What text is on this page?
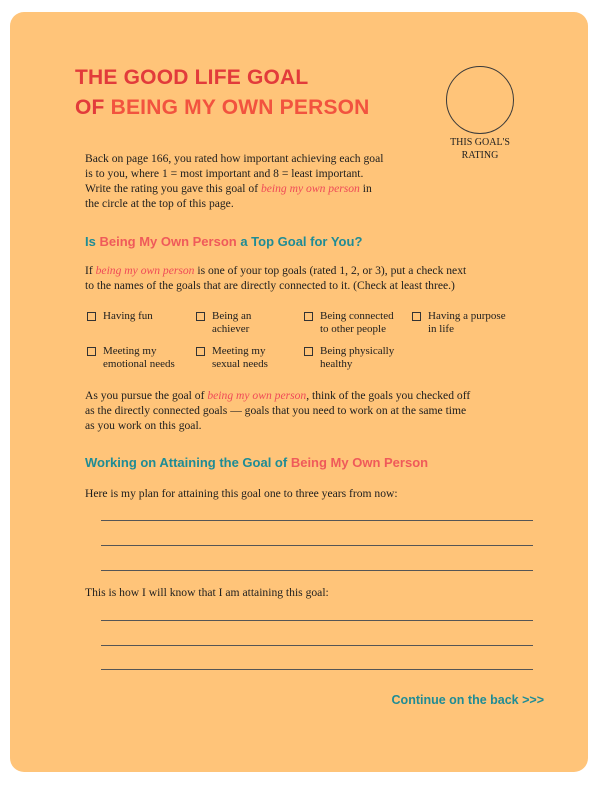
THE GOOD LIFE GOAL
OF BEING MY OWN PERSON
THIS GOAL'S
RATING
Back on page 166, you rated how important achieving each goal
is to you, where 1 = most important and 8 = least important.
Write the rating you gave this goal of being my own person in
the circle at the top of this page.
Is Being My Own Person a Top Goal for You?
If being my own person is one of your top goals (rated 1, 2, or 3), put a check next
to the names of the goals that are directly connected to it. (Check at least three.)
Having fun	Being an
achiever
Being connected
to other people
Having a purpose
in life
Meeting my
emotional needs
Meeting my
sexual needs
Being physically
healthy
As you pursue the goal of being my own person, think of the goals you checked off
as the directly connected goals — goals that you need to work on at the same time
as you work on this goal.
Working on Attaining the Goal of Being My Own Person
Here is my plan for attaining this goal one to three years from now:
This is how I will know that I am attaining this goal:
Continue on the back >>>
